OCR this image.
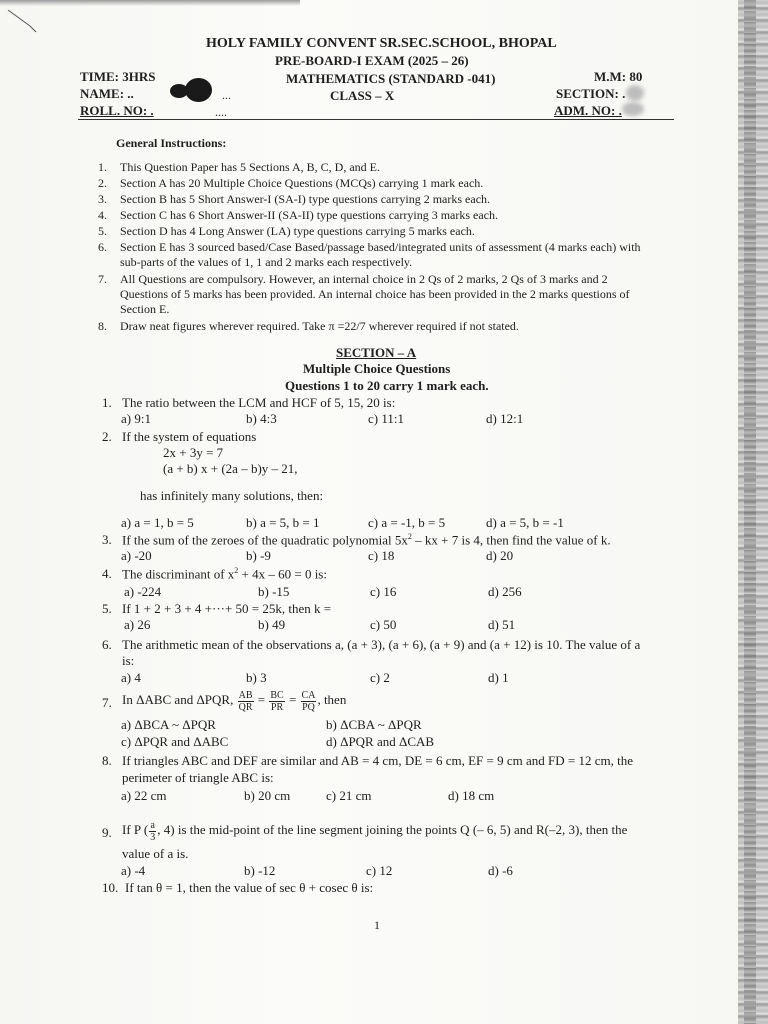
HOLY FAMILY CONVENT SR.SEC.SCHOOL, BHOPAL
PRE-BOARD-I EXAM (2025 – 26)
MATHEMATICS (STANDARD -041)
CLASS – X
TIME: 3HRS
NAME: ..	...
ROLL. NO: .	....
M.M: 80
SECTION: .
ADM. NO: .
General Instructions:
1. This Question Paper has 5 Sections A, B, C, D, and E.
2. Section A has 20 Multiple Choice Questions (MCQs) carrying 1 mark each.
3. Section B has 5 Short Answer-I (SA-I) type questions carrying 2 marks each.
4. Section C has 6 Short Answer-II (SA-II) type questions carrying 3 marks each.
5. Section D has 4 Long Answer (LA) type questions carrying 5 marks each.
6. Section E has 3 sourced based/Case Based/passage based/integrated units of assessment (4 marks each) with
sub-parts of the values of 1, 1 and 2 marks each respectively.
7. All Questions are compulsory. However, an internal choice in 2 Qs of 2 marks, 2 Qs of 3 marks and 2
Questions of 5 marks has been provided. An internal choice has been provided in the 2 marks questions of
Section E.
8. Draw neat figures wherever required. Take π =22/7 wherever required if not stated.
SECTION – A
Multiple Choice Questions
Questions 1 to 20 carry 1 mark each.
1. The ratio between the LCM and HCF of 5, 15, 20 is:
a) 9:1	b) 4:3	c) 11:1	d) 12:1
2. If the system of equations
2x + 3y = 7
(a + b) x + (2a – b)y – 21,
has infinitely many solutions, then:
a) a = 1, b = 5	b) a = 5, b = 1	c) a = -1, b = 5	d) a = 5, b = -1
3. If the sum of the zeroes of the quadratic polynomial $5x^2$ – kx + 7 is 4, then find the value of k.
a) -20	b) -9	c) 18	d) 20
4. The discriminant of $x^2 + 4x - 60 = 0$ is:
a) -224	b) -15	c) 16	d) 256
5. If 1 + 2 + 3 + 4 +···+ 50 = 25k, then k =
a) 26	b) 49	c) 50	d) 51
6. The arithmetic mean of the observations a, (a + 3), (a + 6), (a + 9) and (a + 12) is 10. The value of a
is:
a) 4	b) 3	c) 2	d) 1
7. In ΔABC and ΔPQR, $\frac{AB}{QR} = \frac{BC}{PR} = \frac{CA}{PQ}$ , then
a) ΔBCA ~ ΔPQR	b) ΔCBA ~ ΔPQR
c) ΔPQR and ΔABC	d) ΔPQR and ΔCAB
8. If triangles ABC and DEF are similar and AB = 4 cm, DE = 6 cm, EF = 9 cm and FD = 12 cm, the
perimeter of triangle ABC is:
a) 22 cm	b) 20 cm	c) 21 cm	d) 18 cm
9. If P ( $\frac{a}{3}$ , 4) is the mid-point of the line segment joining the points Q (– 6, 5) and R(–2, 3), then the
value of a is.
a) -4	b) -12	c) 12	d) -6
10. If tan θ = 1, then the value of sec θ + cosec θ is:
1
